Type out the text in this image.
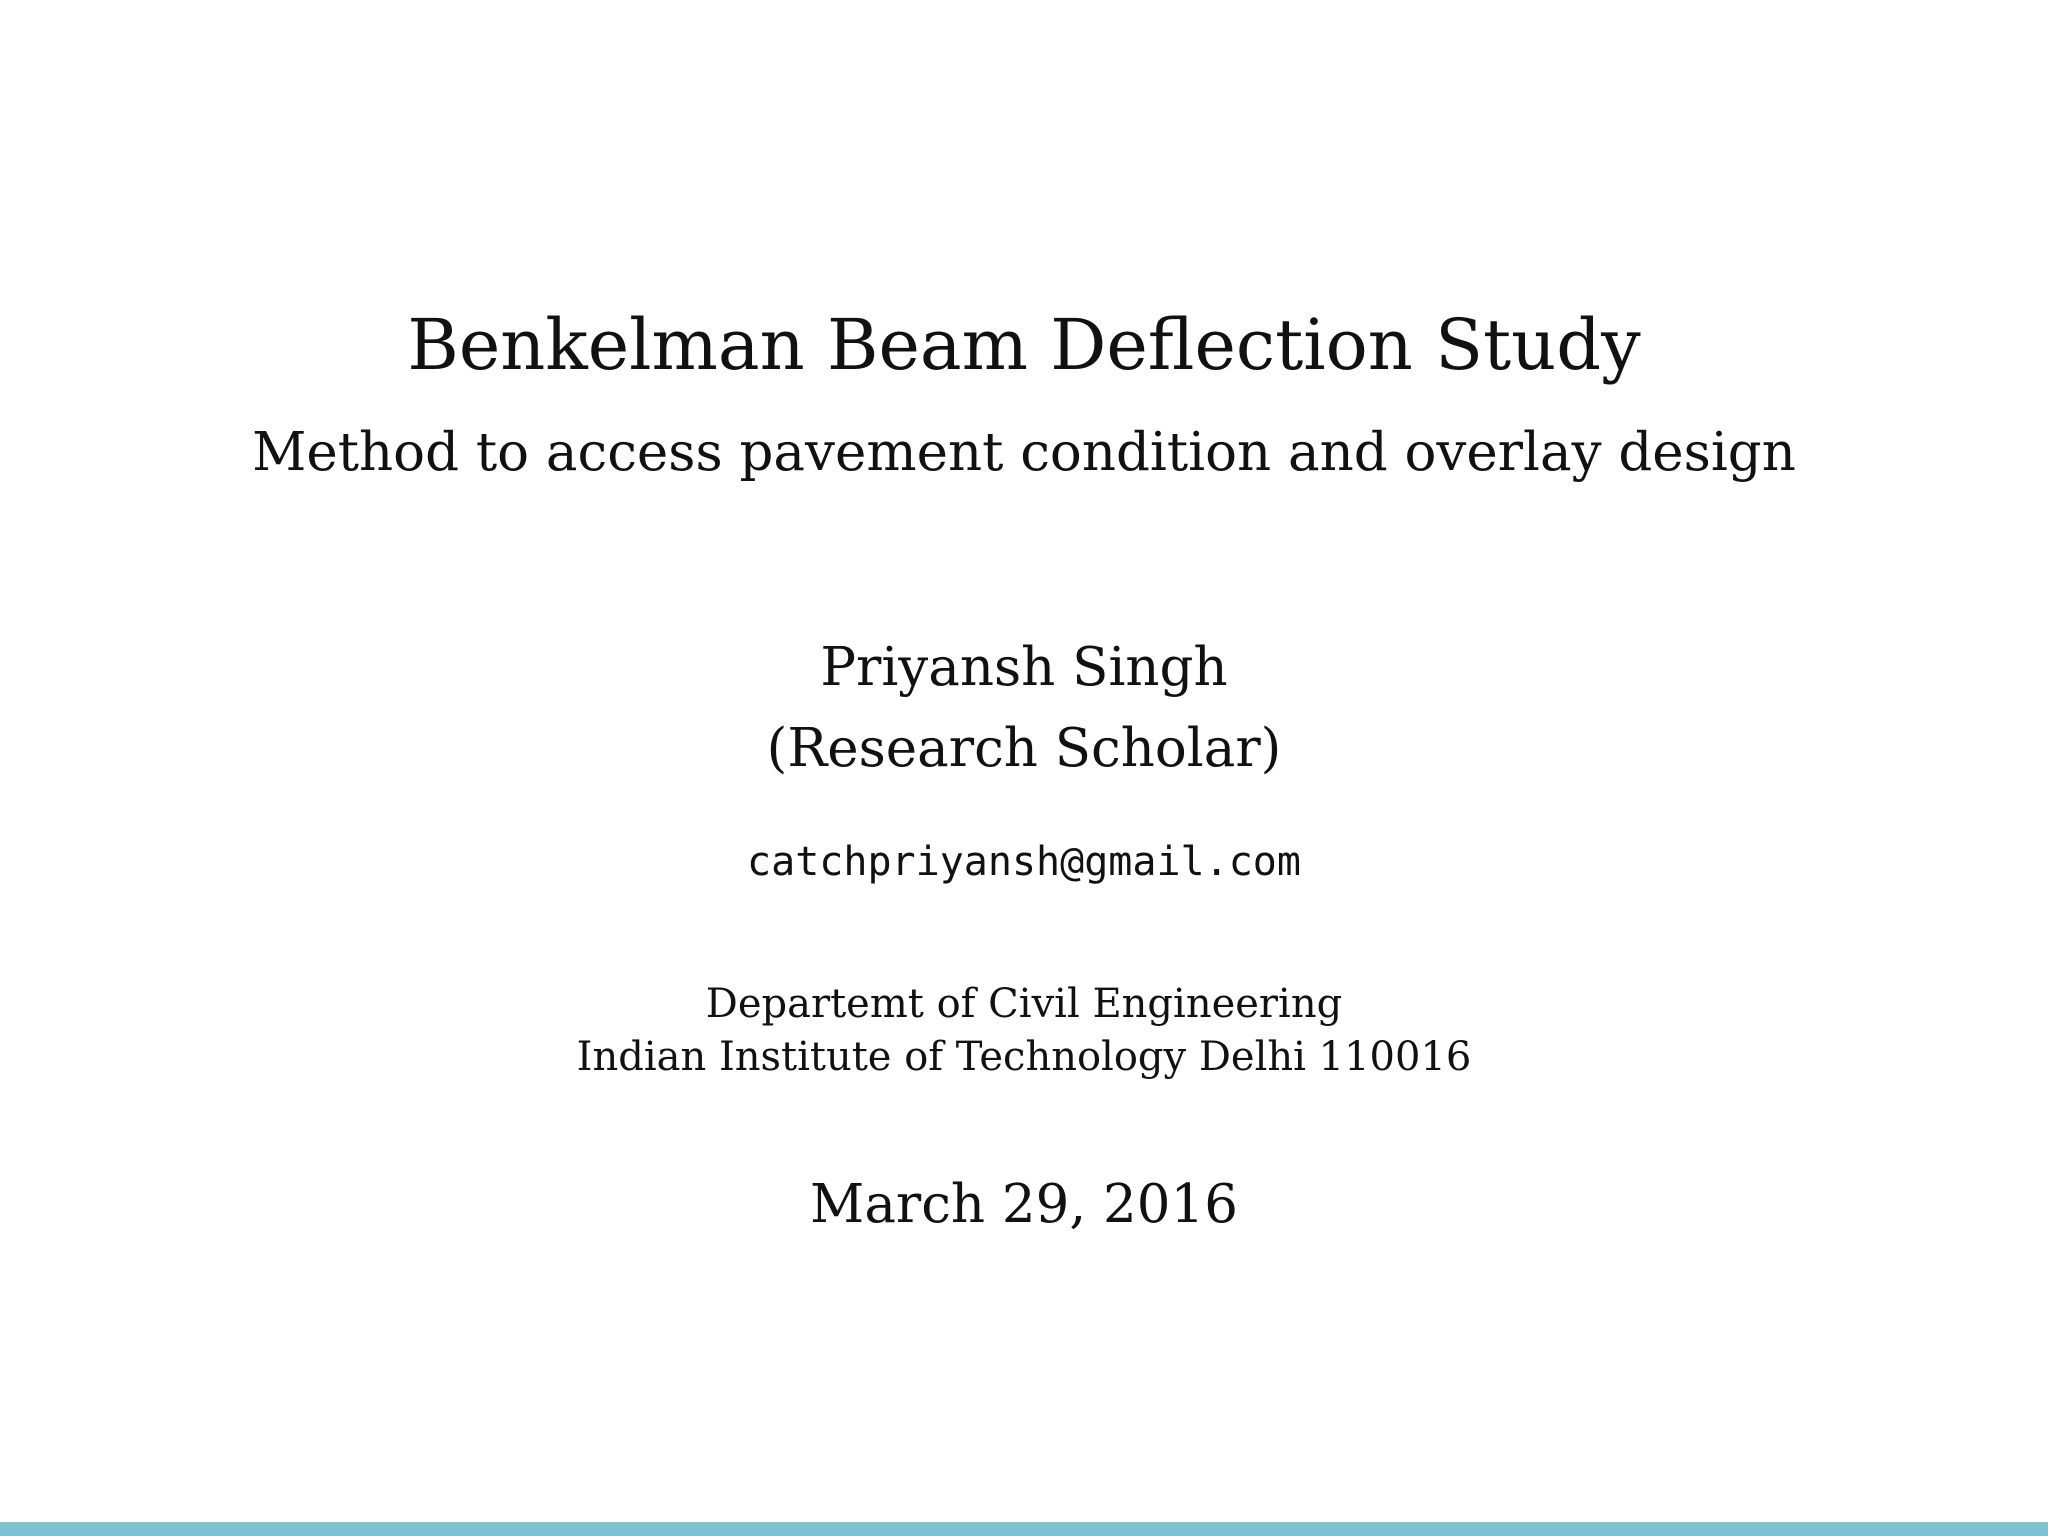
Benkelman Beam Deflection Study
Method to access pavement condition and overlay design
Priyansh Singh
(Research Scholar)
catchpriyansh@gmail.com
Departemt of Civil Engineering
Indian Institute of Technology Delhi 110016
March 29, 2016
